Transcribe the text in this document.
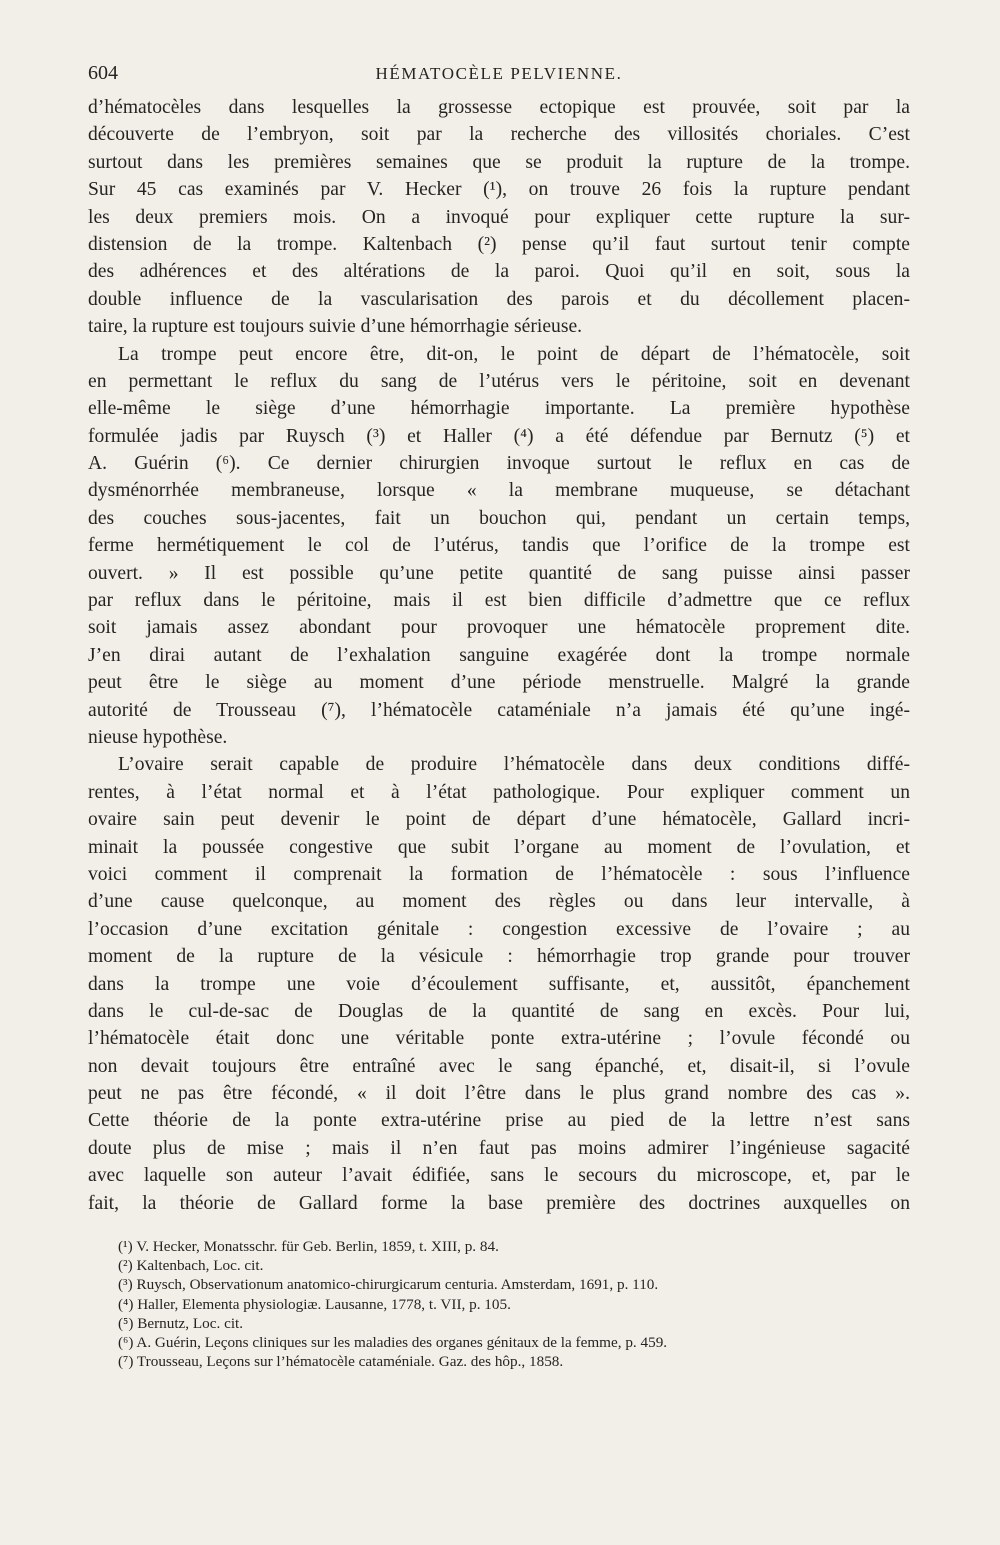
604	HÉMATOCÈLE PELVIENNE.
d’hématocèles dans lesquelles la grossesse ectopique est prouvée, soit par la
découverte de l’embryon, soit par la recherche des villosités choriales. C’est
surtout dans les premières semaines que se produit la rupture de la trompe.
Sur 45 cas examinés par V. Hecker (¹), on trouve 26 fois la rupture pendant
les deux premiers mois. On a invoqué pour expliquer cette rupture la sur-
distension de la trompe. Kaltenbach (²) pense qu’il faut surtout tenir compte
des adhérences et des altérations de la paroi. Quoi qu’il en soit, sous la
double influence de la vascularisation des parois et du décollement placen-
taire, la rupture est toujours suivie d’une hémorrhagie sérieuse.
La trompe peut encore être, dit-on, le point de départ de l’hématocèle, soit
en permettant le reflux du sang de l’utérus vers le péritoine, soit en devenant
elle-même le siège d’une hémorrhagie importante. La première hypothèse
formulée jadis par Ruysch (³) et Haller (⁴) a été défendue par Bernutz (⁵) et
A. Guérin (⁶). Ce dernier chirurgien invoque surtout le reflux en cas de
dysménorrhée membraneuse, lorsque « la membrane muqueuse, se détachant
des couches sous-jacentes, fait un bouchon qui, pendant un certain temps,
ferme hermétiquement le col de l’utérus, tandis que l’orifice de la trompe est
ouvert. » Il est possible qu’une petite quantité de sang puisse ainsi passer
par reflux dans le péritoine, mais il est bien difficile d’admettre que ce reflux
soit jamais assez abondant pour provoquer une hématocèle proprement dite.
J’en dirai autant de l’exhalation sanguine exagérée dont la trompe normale
peut être le siège au moment d’une période menstruelle. Malgré la grande
autorité de Trousseau (⁷), l’hématocèle cataméniale n’a jamais été qu’une ingé-
nieuse hypothèse.
L’ovaire serait capable de produire l’hématocèle dans deux conditions diffé-
rentes, à l’état normal et à l’état pathologique. Pour expliquer comment un
ovaire sain peut devenir le point de départ d’une hématocèle, Gallard incri-
minait la poussée congestive que subit l’organe au moment de l’ovulation, et
voici comment il comprenait la formation de l’hématocèle : sous l’influence
d’une cause quelconque, au moment des règles ou dans leur intervalle, à
l’occasion d’une excitation génitale : congestion excessive de l’ovaire ; au
moment de la rupture de la vésicule : hémorrhagie trop grande pour trouver
dans la trompe une voie d’écoulement suffisante, et, aussitôt, épanchement
dans le cul-de-sac de Douglas de la quantité de sang en excès. Pour lui,
l’hématocèle était donc une véritable ponte extra-utérine ; l’ovule fécondé ou
non devait toujours être entraîné avec le sang épanché, et, disait-il, si l’ovule
peut ne pas être fécondé, « il doit l’être dans le plus grand nombre des cas ».
Cette théorie de la ponte extra-utérine prise au pied de la lettre n’est sans
doute plus de mise ; mais il n’en faut pas moins admirer l’ingénieuse sagacité
avec laquelle son auteur l’avait édifiée, sans le secours du microscope, et, par le
fait, la théorie de Gallard forme la base première des doctrines auxquelles on
(¹) V. Hecker, Monatsschr. für Geb. Berlin, 1859, t. XIII, p. 84.
(²) Kaltenbach, Loc. cit.
(³) Ruysch, Observationum anatomico-chirurgicarum centuria. Amsterdam, 1691, p. 110.
(⁴) Haller, Elementa physiologiæ. Lausanne, 1778, t. VII, p. 105.
(⁵) Bernutz, Loc. cit.
(⁶) A. Guérin, Leçons cliniques sur les maladies des organes génitaux de la femme, p. 459.
(⁷) Trousseau, Leçons sur l’hématocèle cataméniale. Gaz. des hôp., 1858.
